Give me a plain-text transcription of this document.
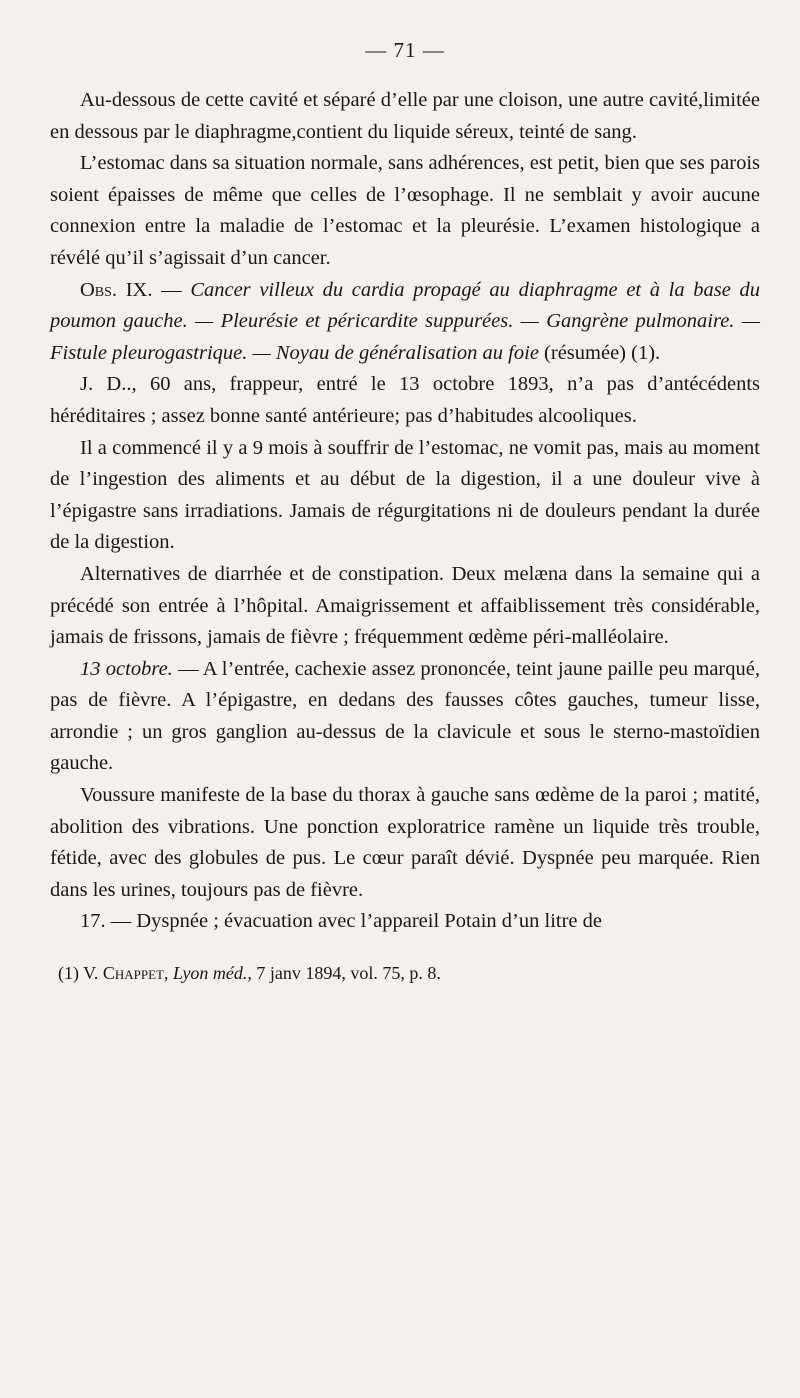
— 71 —

Au-dessous de cette cavité et séparé d’elle par une cloison, une autre cavité,limitée en dessous par le diaphragme,contient du liquide séreux, teinté de sang.

L’estomac dans sa situation normale, sans adhérences, est petit, bien que ses parois soient épaisses de même que celles de l’œsophage. Il ne semblait y avoir aucune connexion entre la maladie de l’estomac et la pleurésie. L’examen histologique a révélé qu’il s’agissait d’un cancer.

Obs. IX. — Cancer villeux du cardia propagé au diaphragme et à la base du poumon gauche. — Pleurésie et péricardite suppurées. — Gangrène pulmonaire. — Fistule pleurogastrique. — Noyau de généralisation au foie (résumée) (1).

J. D.., 60 ans, frappeur, entré le 13 octobre 1893, n’a pas d’antécédents héréditaires ; assez bonne santé antérieure; pas d’habitudes alcooliques.

Il a commencé il y a 9 mois à souffrir de l’estomac, ne vomit pas, mais au moment de l’ingestion des aliments et au début de la digestion, il a une douleur vive à l’épigastre sans irradiations. Jamais de régurgitations ni de douleurs pendant la durée de la digestion.

Alternatives de diarrhée et de constipation. Deux melæna dans la semaine qui a précédé son entrée à l’hôpital. Amaigrissement et affaiblissement très considérable, jamais de frissons, jamais de fièvre ; fréquemment œdème péri-malléolaire.

13 octobre. — A l’entrée, cachexie assez prononcée, teint jaune paille peu marqué, pas de fièvre. A l’épigastre, en dedans des fausses côtes gauches, tumeur lisse, arrondie ; un gros ganglion au-dessus de la clavicule et sous le sterno-mastoïdien gauche.

Voussure manifeste de la base du thorax à gauche sans œdème de la paroi ; matité, abolition des vibrations. Une ponction exploratrice ramène un liquide très trouble, fétide, avec des globules de pus. Le cœur paraît dévié. Dyspnée peu marquée. Rien dans les urines, toujours pas de fièvre.

17. — Dyspnée ; évacuation avec l’appareil Potain d’un litre de

(1) V. Chappet, Lyon méd., 7 janv 1894, vol. 75, p. 8.
